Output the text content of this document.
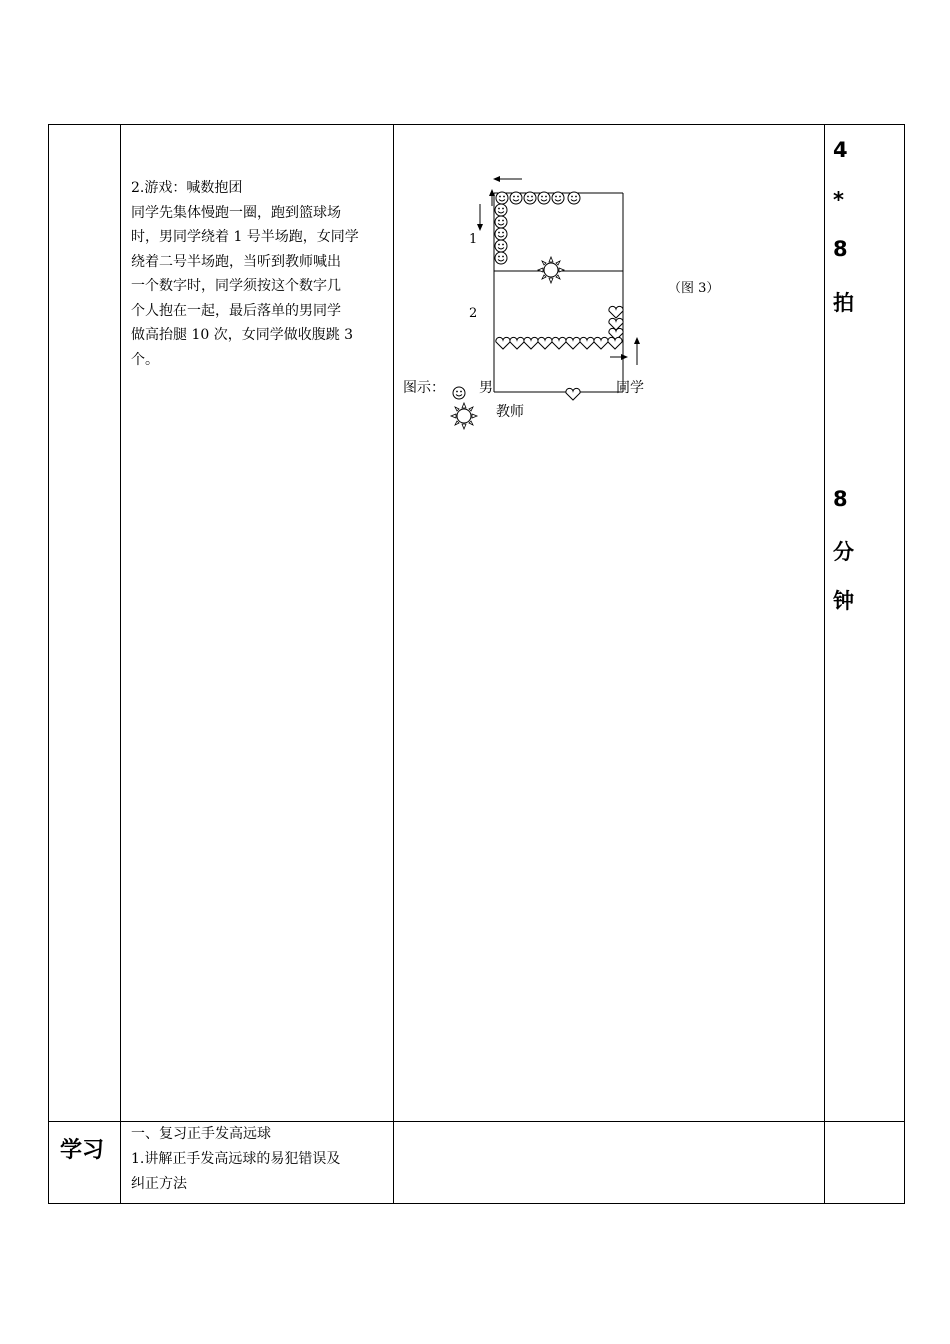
2.游戏：喊数抱团
同学先集体慢跑一圈，跑到篮球场
时，男同学绕着 1 号半场跑，女同学
绕着二号半场跑，当听到教师喊出
一个数字时，同学须按这个数字几
个人抱在一起，最后落单的男同学
做高抬腿 10 次，女同学做收腹跳 3
个。
1
2
（图 3）
图示： 男	同学
教师
4
*
8
拍
8
分
钟
学习
一、复习正手发高远球
1.讲解正手发高远球的易犯错误及
纠正方法
